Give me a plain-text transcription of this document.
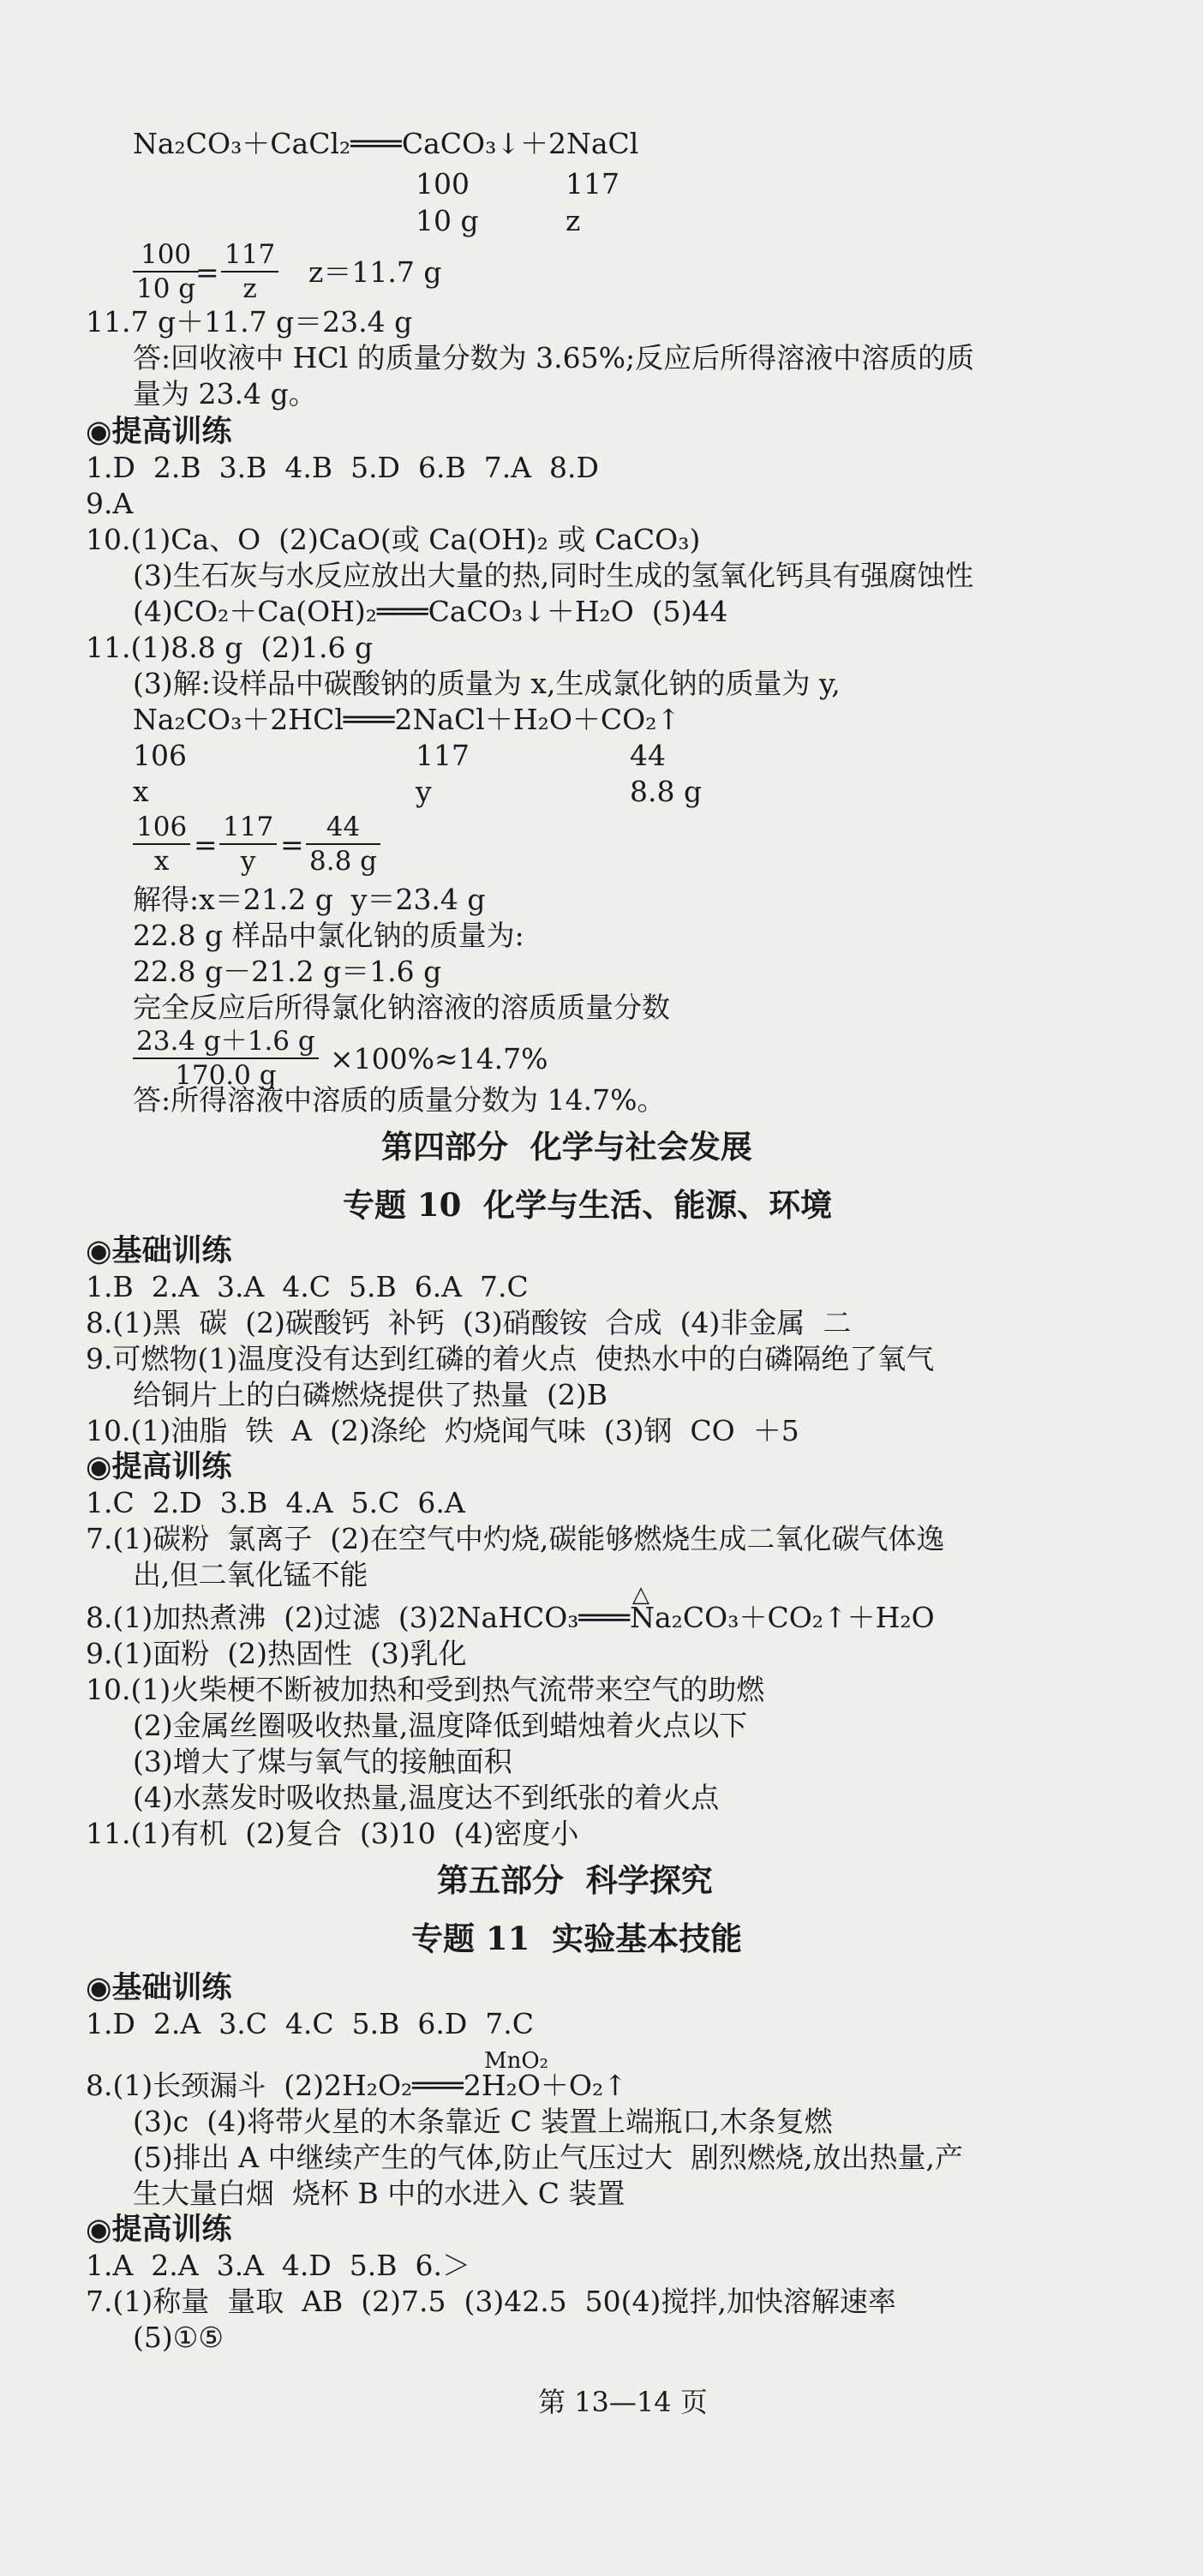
Na₂CO₃＋CaCl₂═══CaCO₃↓＋2NaCl
100	117
10 g	z
$\frac{100}{10 g}$
= $\frac{117}{z} z=11.7$ g
11.7 g＋11.7 g＝23.4 g
答:回收液中 HCl 的质量分数为 3.65%;反应后所得溶液中溶质的质
量为 23.4 g。
◉提高训练
1.D  2.B  3.B  4.B  5.D  6.B  7.A  8.D
9.A
10.(1)Ca、O  (2)CaO(或 Ca(OH)₂ 或 CaCO₃)
(3)生石灰与水反应放出大量的热,同时生成的氢氧化钙具有强腐蚀性
(4)CO₂＋Ca(OH)₂═══CaCO₃↓＋H₂O  (5)44
11.(1)8.8 g  (2)1.6 g
(3)解:设样品中碳酸钠的质量为 x,生成氯化钠的质量为 y,
Na₂CO₃＋2HCl═══2NaCl＋H₂O＋CO₂↑
106	117	44
x	y	8.8 g
$\frac{106}{x} = \frac{117}{y} = \frac{44}{8.8 g}$
解得:x＝21.2 g  y＝23.4 g
22.8 g 样品中氯化钠的质量为:
22.8 g－21.2 g＝1.6 g
完全反应后所得氯化钠溶液的溶质质量分数
$\frac{23.4 g+1.6 g}{170.0 g} \times 100\%\approx 14.7\%$
答:所得溶液中溶质的质量分数为 14.7%。
第四部分  化学与社会发展
专题 10  化学与生活、能源、环境
◉基础训练
1.B  2.A  3.A  4.C  5.B  6.A  7.C
8.(1)黑  碳  (2)碳酸钙  补钙  (3)硝酸铵  合成  (4)非金属  二
9.可燃物(1)温度没有达到红磷的着火点  使热水中的白磷隔绝了氧气
给铜片上的白磷燃烧提供了热量  (2)B
10.(1)油脂  铁  A  (2)涤纶  灼烧闻气味  (3)钢  CO  ＋5
◉提高训练
1.C  2.D  3.B  4.A  5.C  6.A
7.(1)碳粉  氯离子  (2)在空气中灼烧,碳能够燃烧生成二氧化碳气体逸
出,但二氧化锰不能
△
8.(1)加热煮沸  (2)过滤  (3)2NaHCO₃═══Na₂CO₃＋CO₂↑＋H₂O
9.(1)面粉  (2)热固性  (3)乳化
10.(1)火柴梗不断被加热和受到热气流带来空气的助燃
(2)金属丝圈吸收热量,温度降低到蜡烛着火点以下
(3)增大了煤与氧气的接触面积
(4)水蒸发时吸收热量,温度达不到纸张的着火点
11.(1)有机  (2)复合  (3)10  (4)密度小
第五部分  科学探究
专题 11  实验基本技能
◉基础训练
1.D  2.A  3.C  4.C  5.B  6.D  7.C
MnO₂
8.(1)长颈漏斗  (2)2H₂O₂═══2H₂O＋O₂↑
(3)c  (4)将带火星的木条靠近 C 装置上端瓶口,木条复燃
(5)排出 A 中继续产生的气体,防止气压过大  剧烈燃烧,放出热量,产
生大量白烟  烧杯 B 中的水进入 C 装置
◉提高训练
1.A  2.A  3.A  4.D  5.B  6.＞
7.(1)称量  量取  AB  (2)7.5  (3)42.5  50(4)搅拌,加快溶解速率
(5)①⑤
第 13—14 页
